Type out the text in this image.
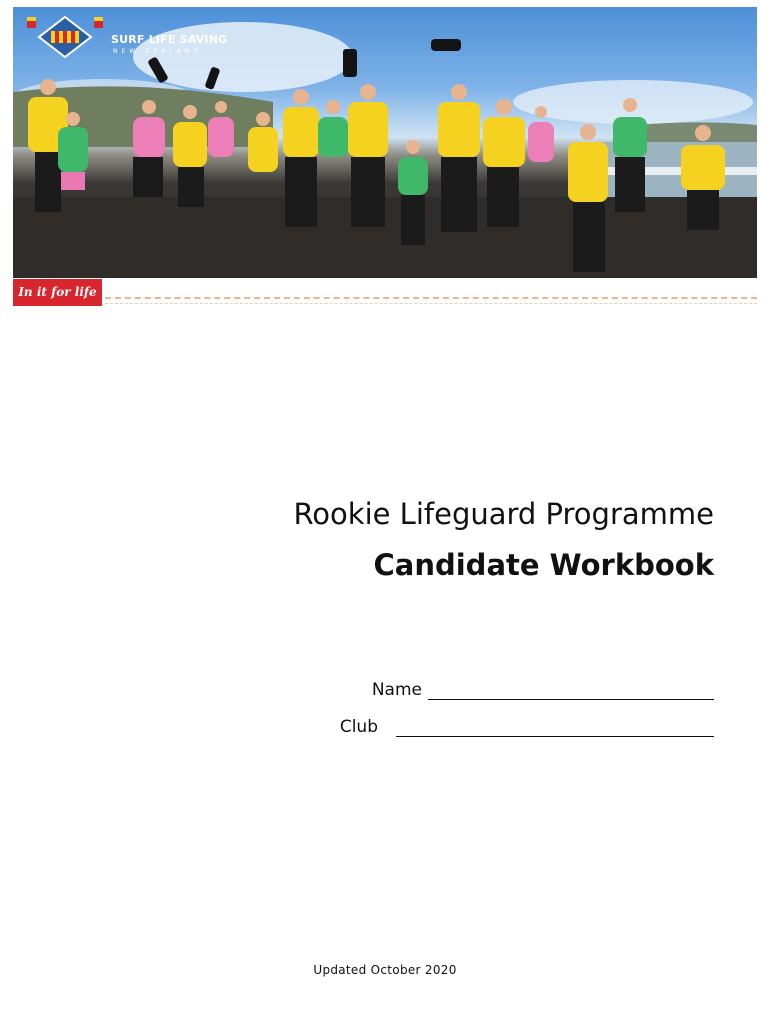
SURF LIFE SAVING
NEW ZEALAND
In it for life
Rookie Lifeguard Programme
Candidate Workbook
Name
Club
Updated October 2020
